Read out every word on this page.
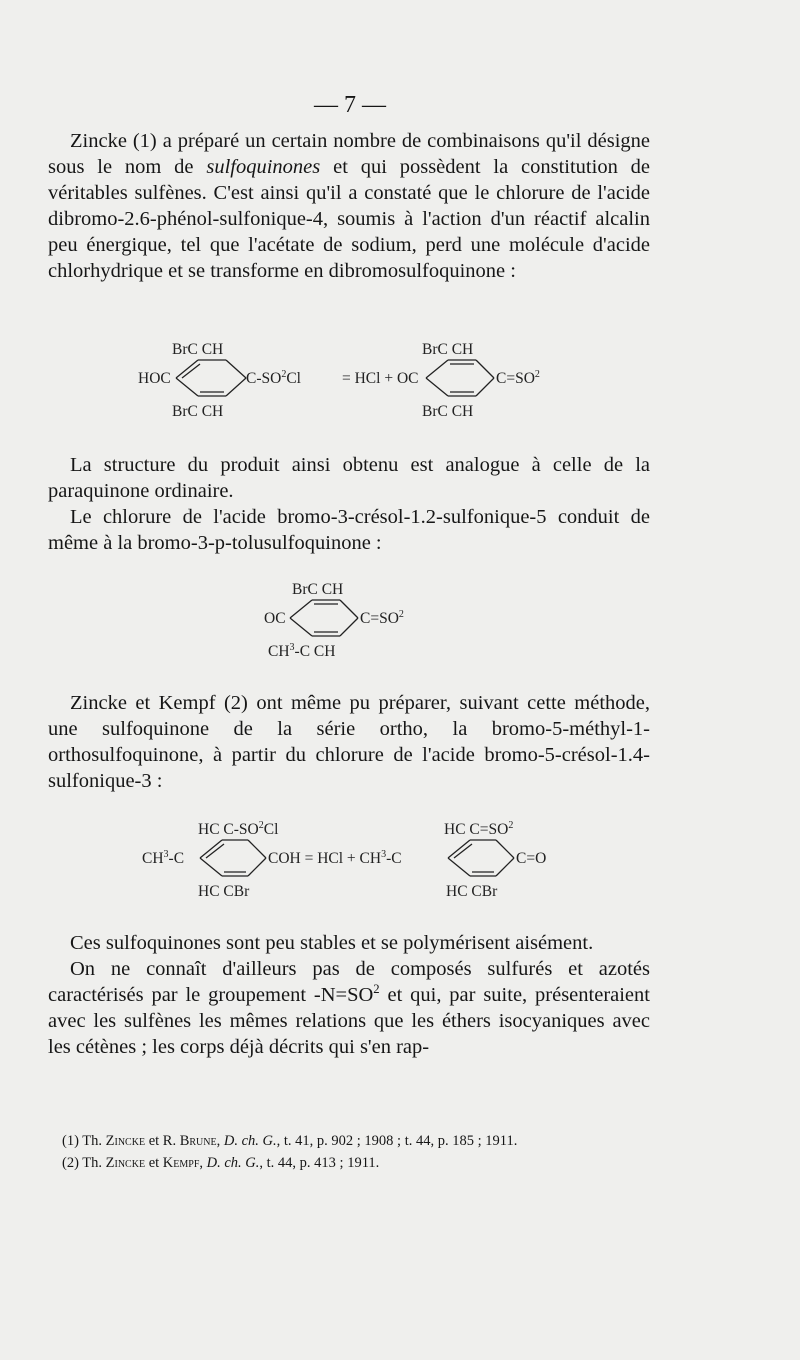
— 7 —

Zincke (1) a préparé un certain nombre de combinaisons qu'il désigne sous le nom de sulfoquinones et qui possèdent la constitution de véritables sulfènes. C'est ainsi qu'il a constaté que le chlorure de l'acide dibromo-2.6-phénol-sulfonique-4, soumis à l'action d'un réactif alcalin peu énergique, tel que l'acétate de sodium, perd une molécule d'acide chlorhydrique et se transforme en dibromosulfoquinone :

BrC CH
HOC	$C-SO^2Cl$	= HCl + OC
BrC CH
BrC CH
$C=SO^2$
BrC CH

La structure du produit ainsi obtenu est analogue à celle de la paraquinone ordinaire.

Le chlorure de l'acide bromo-3-crésol-1.2-sulfonique-5 conduit de même à la bromo-3-p-tolusulfoquinone :

BrC CH
OC	$C=SO^2$
$CH^3-C$ CH

Zincke et Kempf (2) ont même pu préparer, suivant cette méthode, une sulfoquinone de la série ortho, la bromo-5-méthyl-1-orthosulfoquinone, à partir du chlorure de l'acide bromo-5-crésol-1.4-sulfonique-3 :

HC $C-SO^2Cl$
$CH^3-C$	COH = HCl + $CH^3-C$
HC CBr
HC $C=SO^2$
C=O
HC CBr

Ces sulfoquinones sont peu stables et se polymérisent aisément.

On ne connaît d'ailleurs pas de composés sulfurés et azotés caractérisés par le groupement $-N=SO^2$ et qui, par suite, présenteraient avec les sulfènes les mêmes relations que les éthers isocyaniques avec les cétènes ; les corps déjà décrits qui s'en rap-

(1) Th. Zincke et R. Brune, D. ch. G., t. 41, p. 902 ; 1908 ; t. 44, p. 185 ; 1911.

(2) Th. Zincke et Kempf, D. ch. G., t. 44, p. 413 ; 1911.
